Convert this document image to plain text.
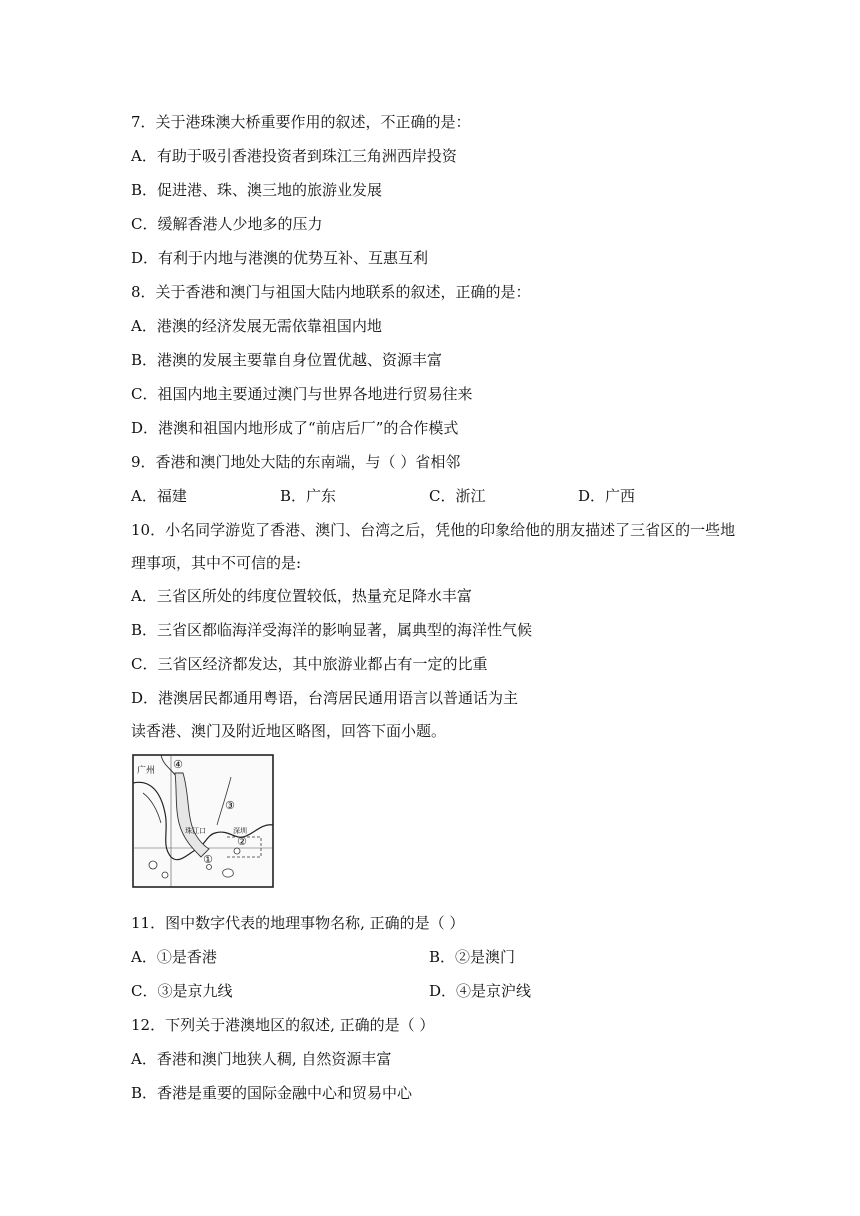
7．关于港珠澳大桥重要作用的叙述，不正确的是：
A．有助于吸引香港投资者到珠江三角洲西岸投资
B．促进港、珠、澳三地的旅游业发展
C．缓解香港人少地多的压力
D．有利于内地与港澳的优势互补、互惠互利
8．关于香港和澳门与祖国大陆内地联系的叙述，正确的是：
A．港澳的经济发展无需依靠祖国内地
B．港澳的发展主要靠自身位置优越、资源丰富
C．祖国内地主要通过澳门与世界各地进行贸易往来
D．港澳和祖国内地形成了“前店后厂”的合作模式
9．香港和澳门地处大陆的东南端，与（ ）省相邻
A．福建	B．广东	C．浙江	D．广西
10．小名同学游览了香港、澳门、台湾之后，凭他的印象给他的朋友描述了三省区的一些地
理事项，其中不可信的是:
A．三省区所处的纬度位置较低，热量充足降水丰富
B．三省区都临海洋受海洋的影响显著，属典型的海洋性气候
C．三省区经济都发达，其中旅游业都占有一定的比重
D．港澳居民都通用粤语，台湾居民通用语言以普通话为主
读香港、澳门及附近地区略图，回答下面小题。
广州
珠江口	深圳
④
③
②
①
11．图中数字代表的地理事物名称, 正确的是（ ）
A．①是香港	B．②是澳门
C．③是京九线	D．④是京沪线
12．下列关于港澳地区的叙述, 正确的是（ ）
A．香港和澳门地狭人稠, 自然资源丰富
B．香港是重要的国际金融中心和贸易中心
